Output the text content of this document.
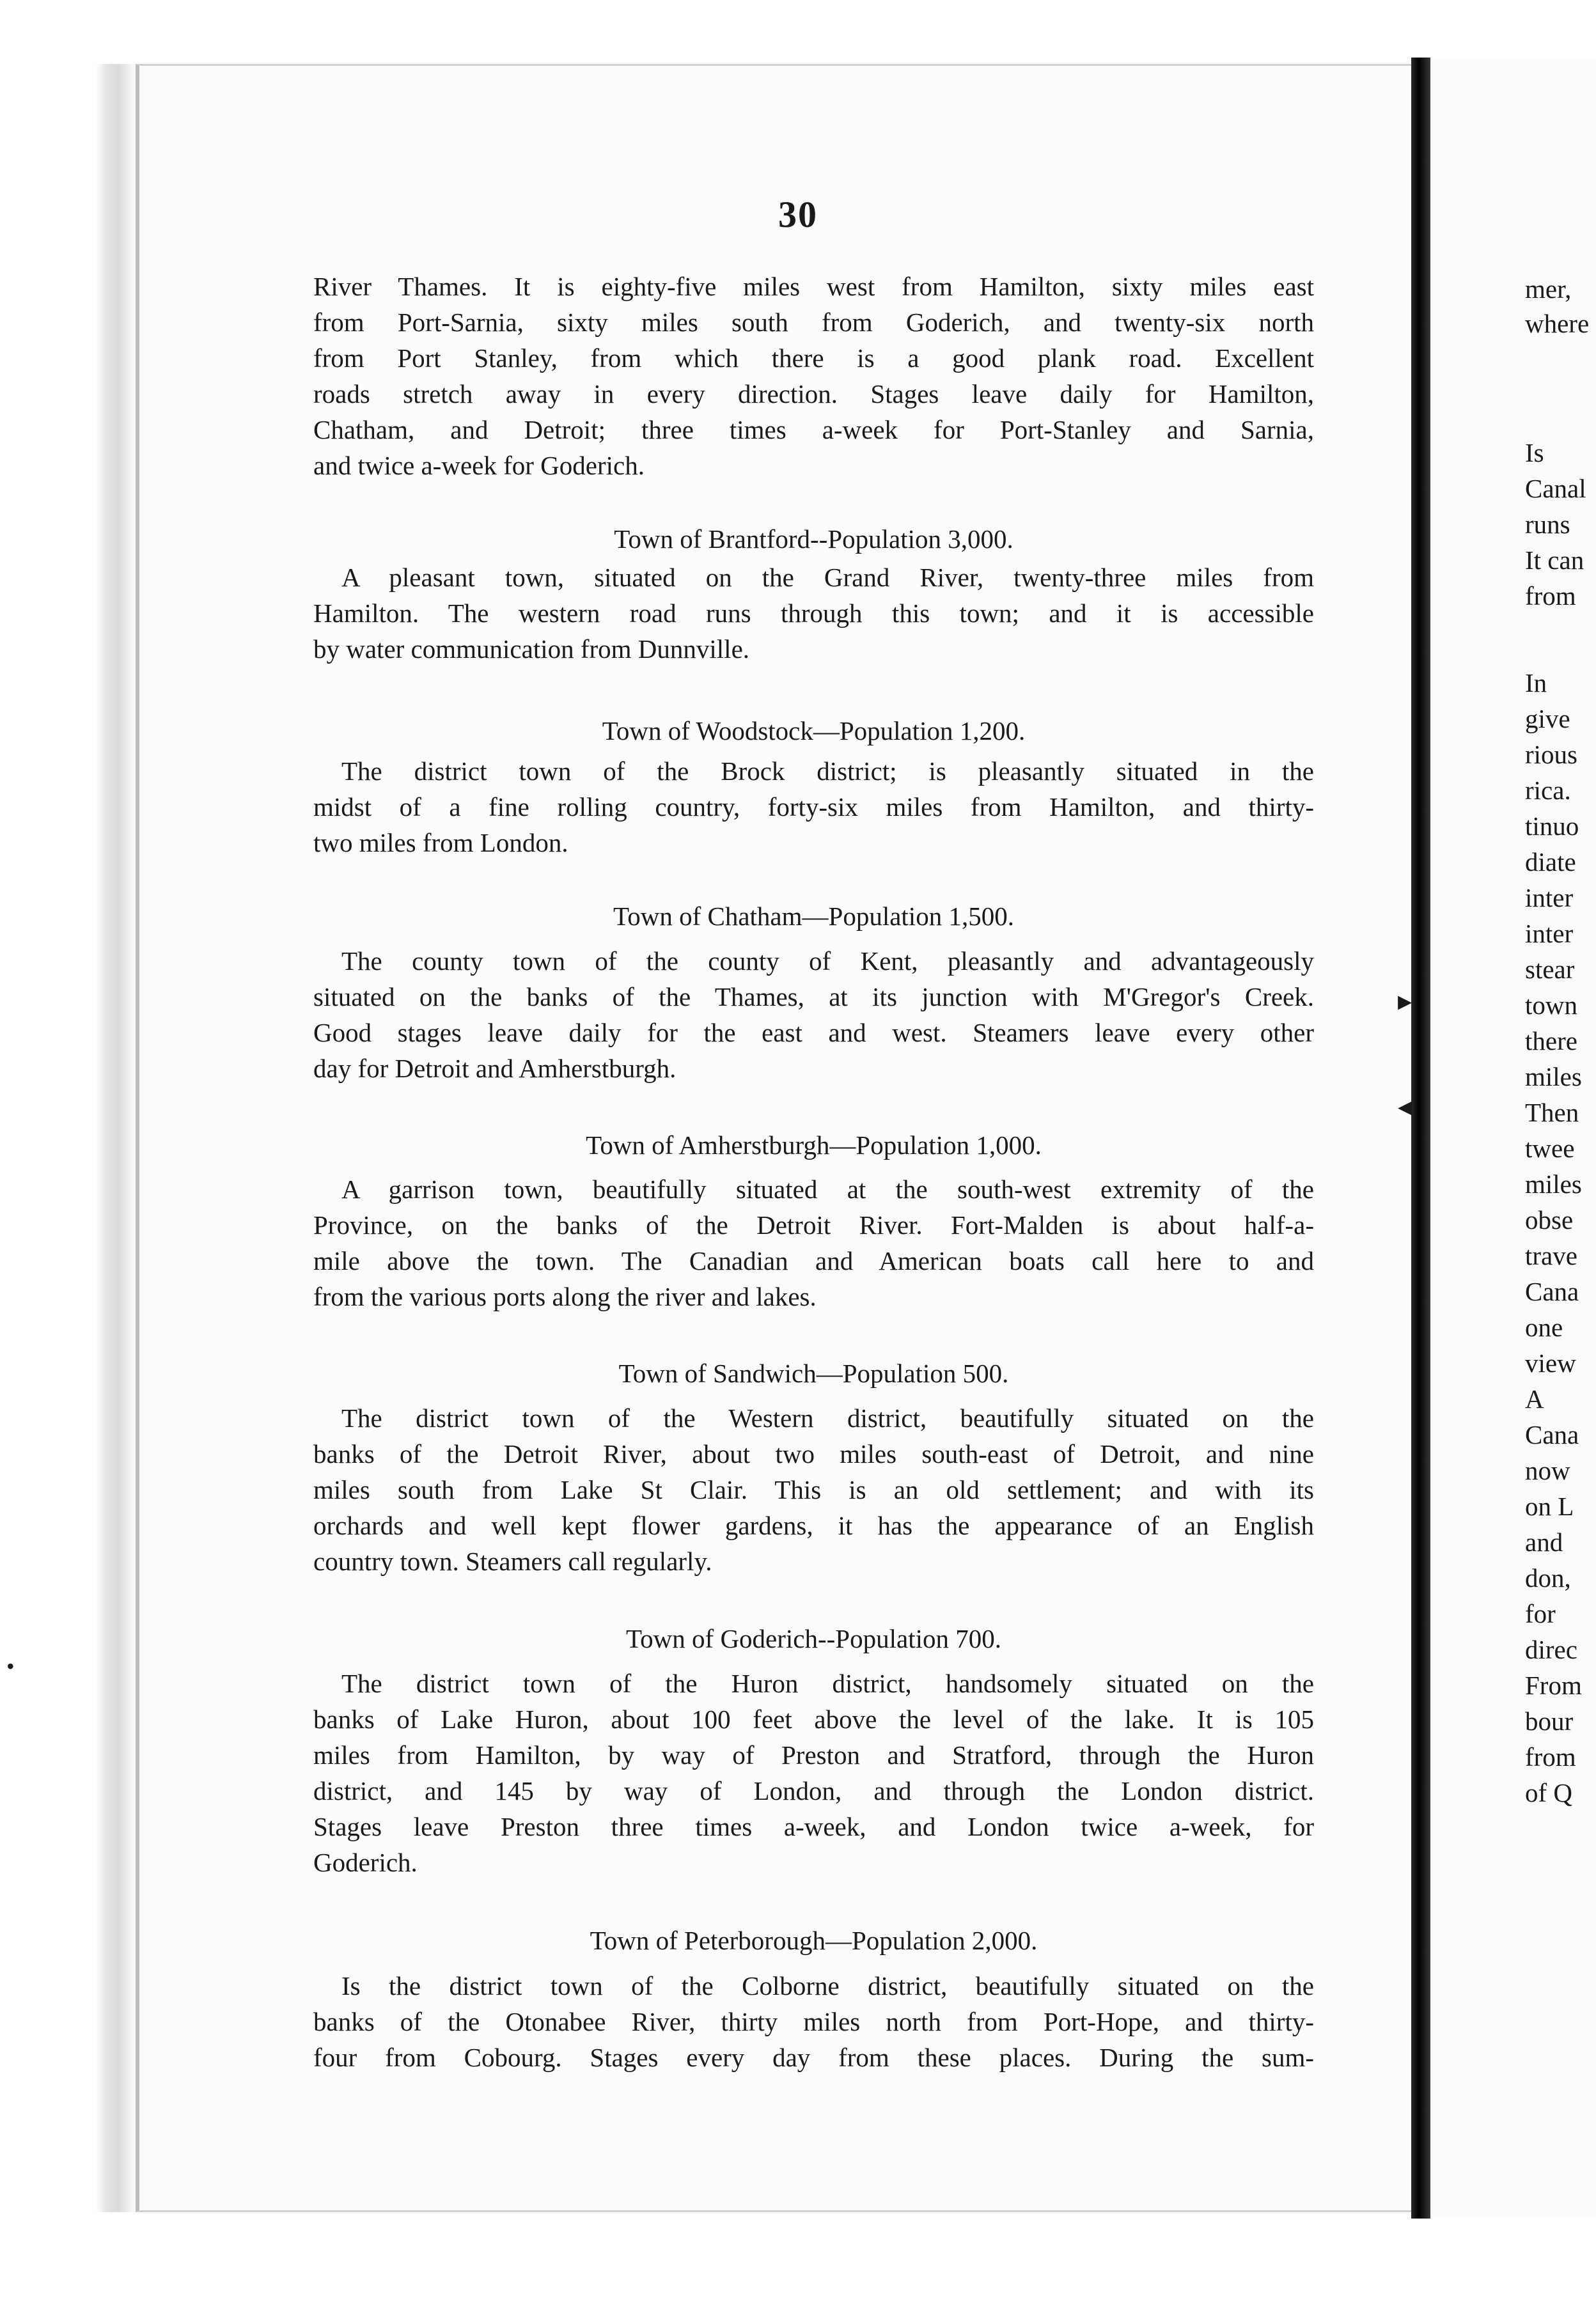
30
River Thames. It is eighty-five miles west from Hamilton, sixty miles east
from Port-Sarnia, sixty miles south from Goderich, and twenty-six north
from Port Stanley, from which there is a good plank road. Excellent
roads stretch away in every direction. Stages leave daily for Hamilton,
Chatham, and Detroit; three times a-week for Port-Stanley and Sarnia,
and twice a-week for Goderich.
Town of Brantford--Population 3,000.
A pleasant town, situated on the Grand River, twenty-three miles from
Hamilton. The western road runs through this town; and it is accessible
by water communication from Dunnville.
Town of Woodstock—Population 1,200.
The district town of the Brock district; is pleasantly situated in the
midst of a fine rolling country, forty-six miles from Hamilton, and thirty-
two miles from London.
Town of Chatham—Population 1,500.
The county town of the county of Kent, pleasantly and advantageously
situated on the banks of the Thames, at its junction with M'Gregor's Creek.
Good stages leave daily for the east and west. Steamers leave every other
day for Detroit and Amherstburgh.
Town of Amherstburgh—Population 1,000.
A garrison town, beautifully situated at the south-west extremity of the
Province, on the banks of the Detroit River. Fort-Malden is about half-a-
mile above the town. The Canadian and American boats call here to and
from the various ports along the river and lakes.
Town of Sandwich—Population 500.
The district town of the Western district, beautifully situated on the
banks of the Detroit River, about two miles south-east of Detroit, and nine
miles south from Lake St Clair. This is an old settlement; and with its
orchards and well kept flower gardens, it has the appearance of an English
country town. Steamers call regularly.
Town of Goderich--Population 700.
The district town of the Huron district, handsomely situated on the
banks of Lake Huron, about 100 feet above the level of the lake. It is 105
miles from Hamilton, by way of Preston and Stratford, through the Huron
district, and 145 by way of London, and through the London district.
Stages leave Preston three times a-week, and London twice a-week, for
Goderich.
Town of Peterborough—Population 2,000.
Is the district town of the Colborne district, beautifully situated on the
banks of the Otonabee River, thirty miles north from Port-Hope, and thirty-
four from Cobourg. Stages every day from these places. During the sum-
mer,
where
Is
Canal
runs
It can
from
In
give
rious
rica.
tinuo
diate
inter
inter
stear
town
there
miles
Then
twee
miles
obse
trave
Cana
one
view
A
Cana
now
on L
and
don,
for
direc
From
bour
from
of Q
•
▸
◂
